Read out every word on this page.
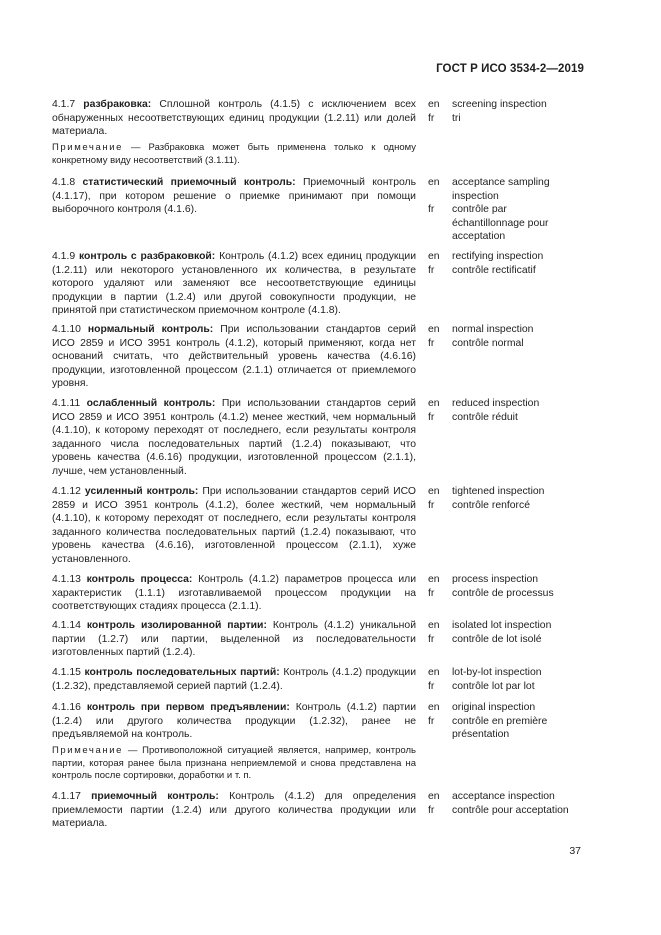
ГОСТ Р ИСО 3534-2—2019
4.1.7 разбраковка: Сплошной контроль (4.1.5) с исключением всех обнаруженных несоответствующих единиц продукции (1.2.11) или долей материала.
Примечание — Разбраковка может быть применена только к одному конкретному виду несоответствий (3.1.11).
en	screening inspection
fr	tri
4.1.8 статистический приемочный контроль: Приемочный контроль (4.1.17), при котором решение о приемке принимают при помощи выборочного контроля (4.1.6).
en	acceptance sampling inspection
fr	contrôle par échantillonnage pour acceptation
4.1.9 контроль с разбраковкой: Контроль (4.1.2) всех единиц продукции (1.2.11) или некоторого установленного их количества, в результате которого удаляют или заменяют все несоответствующие единицы продукции в партии (1.2.4) или другой совокупности продукции, не принятой при статистическом приемочном контроле (4.1.8).
en	rectifying inspection
fr	contrôle rectificatif
4.1.10 нормальный контроль: При использовании стандартов серий ИСО 2859 и ИСО 3951 контроль (4.1.2), который применяют, когда нет оснований считать, что действительный уровень качества (4.6.16) продукции, изготовленной процессом (2.1.1) отличается от приемлемого уровня.
en	normal inspection
fr	contrôle normal
4.1.11 ослабленный контроль: При использовании стандартов серий ИСО 2859 и ИСО 3951 контроль (4.1.2) менее жесткий, чем нормальный (4.1.10), к которому переходят от последнего, если результаты контроля заданного числа последовательных партий (1.2.4) показывают, что уровень качества (4.6.16) продукции, изготовленной процессом (2.1.1), лучше, чем установленный.
en	reduced inspection
fr	contrôle réduit
4.1.12 усиленный контроль: При использовании стандартов серий ИСО 2859 и ИСО 3951 контроль (4.1.2), более жесткий, чем нормальный (4.1.10), к которому переходят от последнего, если результаты контроля заданного количества последовательных партий (1.2.4) показывают, что уровень качества (4.6.16), изготовленной процессом (2.1.1), хуже установленного.
en	tightened inspection
fr	contrôle renforcé
4.1.13 контроль процесса: Контроль (4.1.2) параметров процесса или характеристик (1.1.1) изготавливаемой процессом продукции на соответствующих стадиях процесса (2.1.1).
en	process inspection
fr	contrôle de processus
4.1.14 контроль изолированной партии: Контроль (4.1.2) уникальной партии (1.2.7) или партии, выделенной из последовательности изготовленных партий (1.2.4).
en	isolated lot inspection
fr	contrôle de lot isolé
4.1.15 контроль последовательных партий: Контроль (4.1.2) продукции (1.2.32), представляемой серией партий (1.2.4).
en	lot-by-lot inspection
fr	contrôle lot par lot
4.1.16 контроль при первом предъявлении: Контроль (4.1.2) партии (1.2.4) или другого количества продукции (1.2.32), ранее не предъявляемой на контроль.
Примечание — Противоположной ситуацией является, например, контроль партии, которая ранее была признана неприемлемой и снова представлена на контроль после сортировки, доработки и т. п.
en	original inspection
fr	contrôle en première présentation
4.1.17 приемочный контроль: Контроль (4.1.2) для определения приемлемости партии (1.2.4) или другого количества продукции или материала.
en	acceptance inspection
fr	contrôle pour acceptation
37
